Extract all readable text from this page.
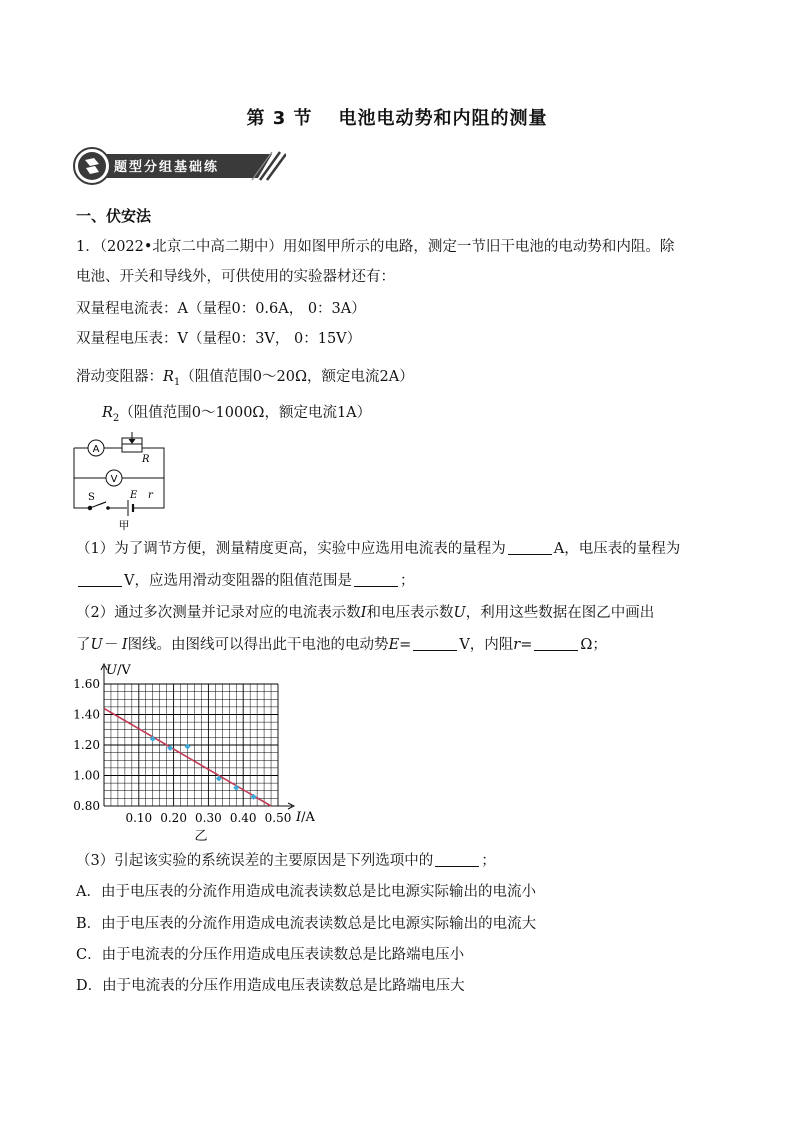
第 3 节 电池电动势和内阻的测量
题型分组基础练
一、伏安法
1．（2022•北京二中高二期中）用如图甲所示的电路，测定一节旧干电池的电动势和内阻。除
电池、开关和导线外，可供使用的实验器材还有：
双量程电流表：A（量程0：0.6A， 0：3A）
双量程电压表：V（量程0：3V， 0：15V）
滑动变阻器：$R_1$（阻值范围0～20Ω，额定电流2A）
$R_2$（阻值范围0～1000Ω，额定电流1A）
A
V
R
S	E r
甲
（1）为了调节方便，测量精度更高，实验中应选用电流表的量程为	A，电压表的量程为
V，应选用滑动变阻器的阻值范围是	；
（2）通过多次测量并记录对应的电流表示数I和电压表示数U，利用这些数据在图乙中画出
了U－ I图线。由图线可以得出此干电池的电动势E=	V，内阻r=	Ω；
1.60
1.40
1.20
1.00
0.80
0.10 0.20 0.30 0.40 0.50
U/V
I/A
乙
（3）引起该实验的系统误差的主要原因是下列选项中的	；
A．由于电压表的分流作用造成电流表读数总是比电源实际输出的电流小
B．由于电压表的分流作用造成电流表读数总是比电源实际输出的电流大
C．由于电流表的分压作用造成电压表读数总是比路端电压小
D．由于电流表的分压作用造成电压表读数总是比路端电压大
